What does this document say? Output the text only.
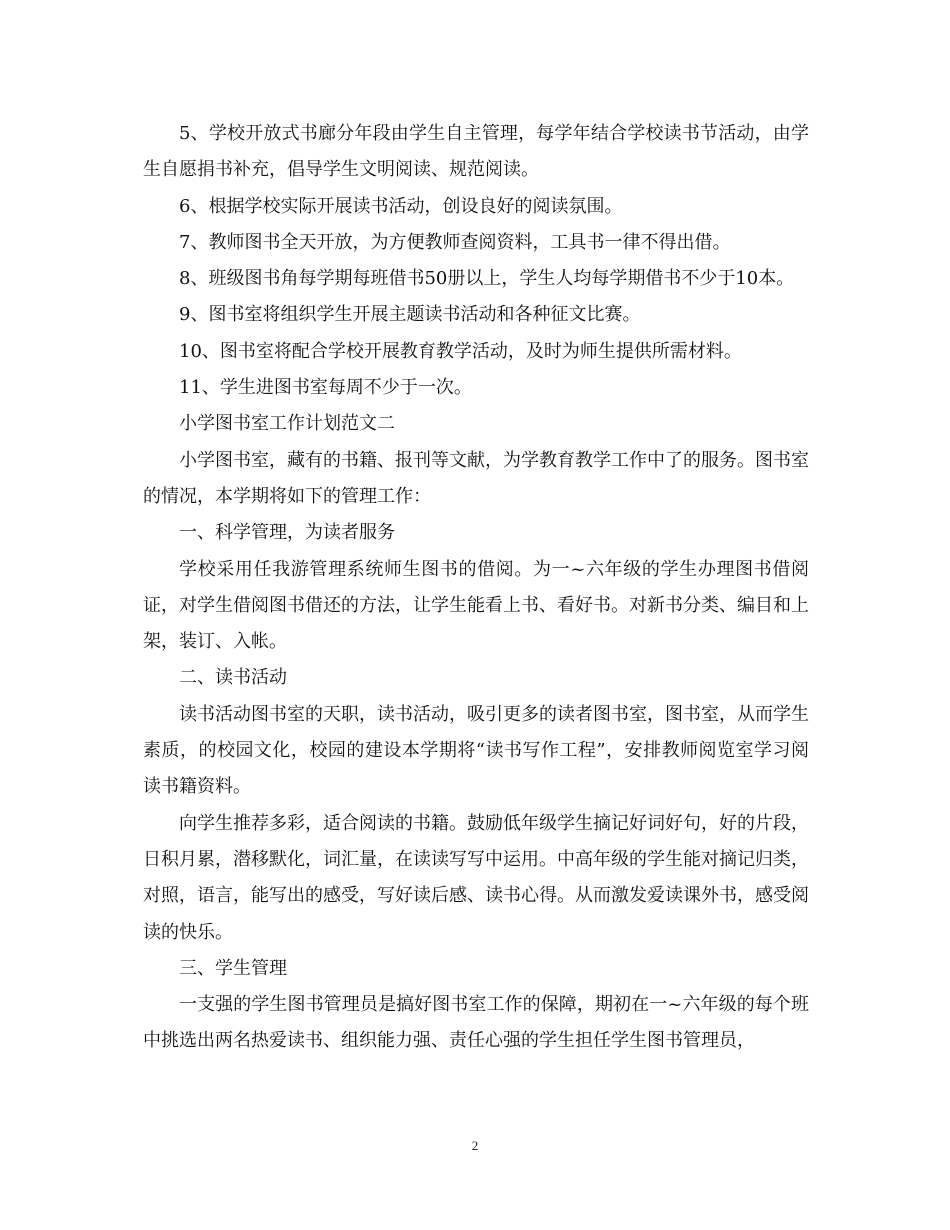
5、学校开放式书廊分年段由学生自主管理，每学年结合学校读书节活动，由学生自愿捐书补充，倡导学生文明阅读、规范阅读。

6、根据学校实际开展读书活动，创设良好的阅读氛围。

7、教师图书全天开放，为方便教师查阅资料，工具书一律不得出借。

8、班级图书角每学期每班借书50册以上，学生人均每学期借书不少于10本。

9、图书室将组织学生开展主题读书活动和各种征文比赛。

10、图书室将配合学校开展教育教学活动，及时为师生提供所需材料。

11、学生进图书室每周不少于一次。

小学图书室工作计划范文二

小学图书室，藏有的书籍、报刊等文献，为学教育教学工作中了的服务。图书室的情况，本学期将如下的管理工作：

一、科学管理，为读者服务

学校采用任我游管理系统师生图书的借阅。为一~六年级的学生办理图书借阅证，对学生借阅图书借还的方法，让学生能看上书、看好书。对新书分类、编目和上架，装订、入帐。

二、读书活动

读书活动图书室的天职，读书活动，吸引更多的读者图书室，图书室，从而学生素质，的校园文化，校园的建设本学期将“读书写作工程”，安排教师阅览室学习阅读书籍资料。

向学生推荐多彩，适合阅读的书籍。鼓励低年级学生摘记好词好句，好的片段，日积月累，潜移默化，词汇量，在读读写写中运用。中高年级的学生能对摘记归类，对照，语言，能写出的感受，写好读后感、读书心得。从而激发爱读课外书，感受阅读的快乐。

三、学生管理

一支强的学生图书管理员是搞好图书室工作的保障，期初在一~六年级的每个班中挑选出两名热爱读书、组织能力强、责任心强的学生担任学生图书管理员，

2
